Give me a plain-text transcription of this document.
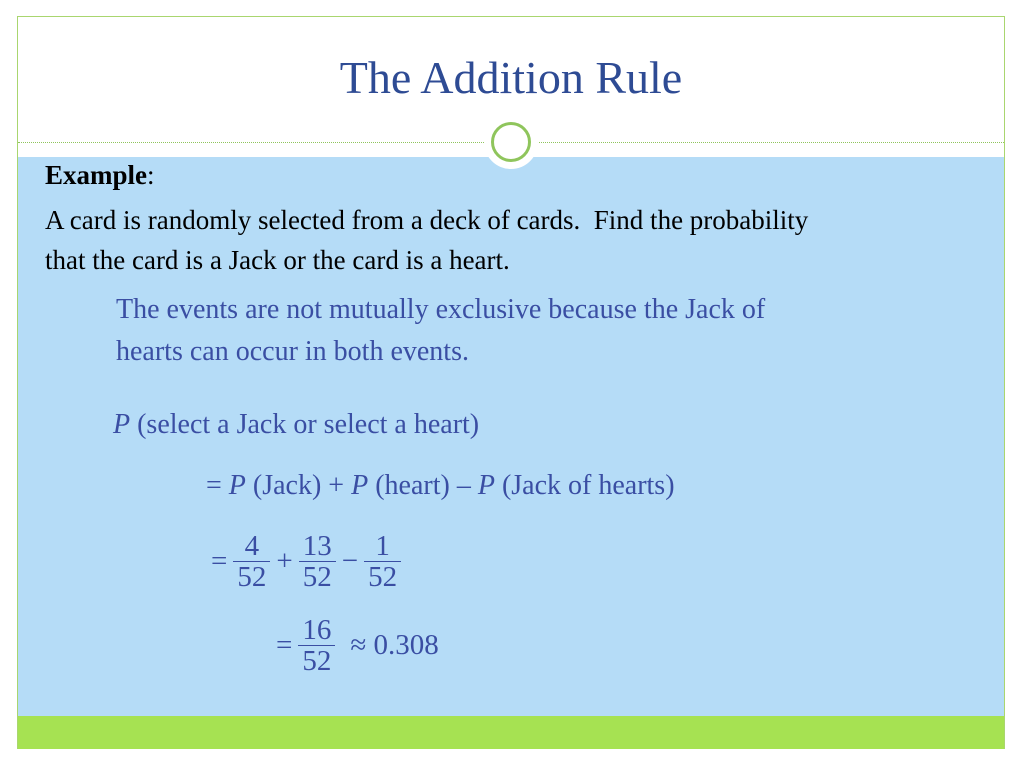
The Addition Rule
Example:
A card is randomly selected from a deck of cards.  Find the probability
that the card is a Jack or the card is a heart.
The events are not mutually exclusive because the Jack of
hearts can occur in both events.
P (select a Jack or select a heart)
= P (Jack) + P (heart) – P (Jack of hearts)
= $\frac{4}{52} + \frac{13}{52} - \frac{1}{52}$
= $\frac{16}{52} \approx 0.308$
